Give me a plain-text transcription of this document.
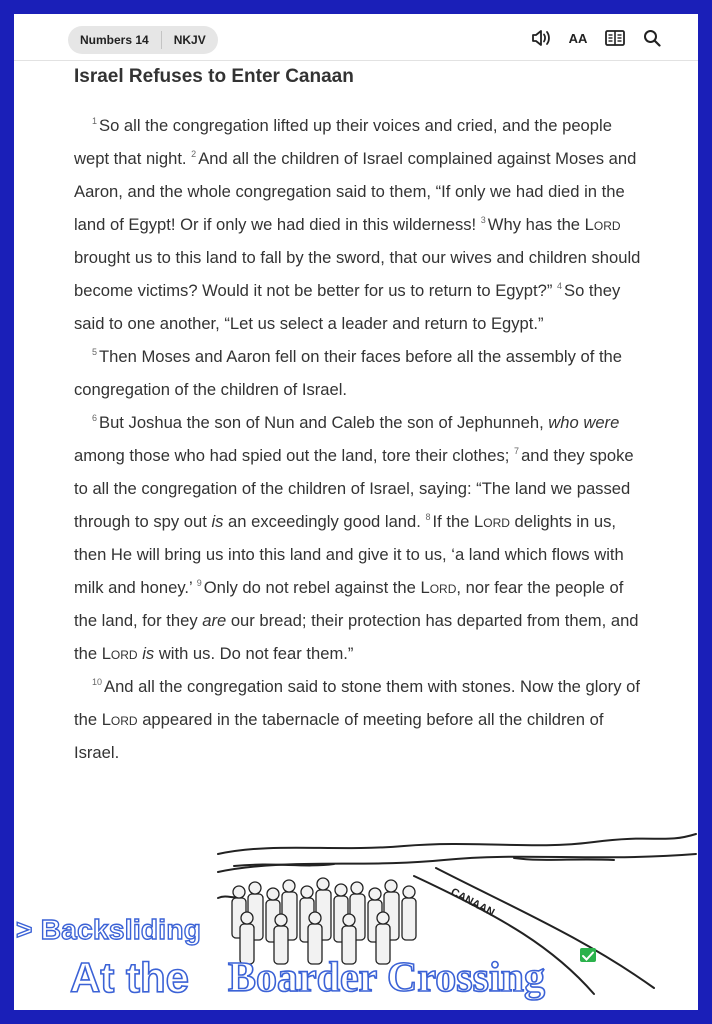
Numbers 14	NKJV	AA
Israel Refuses to Enter Canaan

$^1$ So all the congregation lifted up their voices and cried, and the people wept that night. $^2$ And all the children of Israel complained against Moses and Aaron, and the whole congregation said to them, “If only we had died in the land of Egypt! Or if only we had died in this wilderness! $^3$ Why has the Lord brought us to this land to fall by the sword, that our wives and children should become victims? Would it not be better for us to return to Egypt?” $^4$ So they said to one another, “Let us select a leader and return to Egypt.”

$^5$ Then Moses and Aaron fell on their faces before all the assembly of the congregation of the children of Israel.

$^6$ But Joshua the son of Nun and Caleb the son of Jephunneh, who were among those who had spied out the land, tore their clothes; $^7$ and they spoke to all the congregation of the children of Israel, saying: “The land we passed through to spy out is an exceedingly good land. $^8$ If the Lord delights in us, then He will bring us into this land and give it to us, ‘a land which flows with milk and honey.’ $^9$ Only do not rebel against the Lord, nor fear the people of the land, for they are our bread; their protection has departed from them, and the Lord is with us. Do not fear them.”

$^{10}$ And all the congregation said to stone them with stones. Now the glory of the Lord appeared in the tabernacle of meeting before all the children of Israel.

CANAAN
> Backsliding
At the Boarder Crossing
